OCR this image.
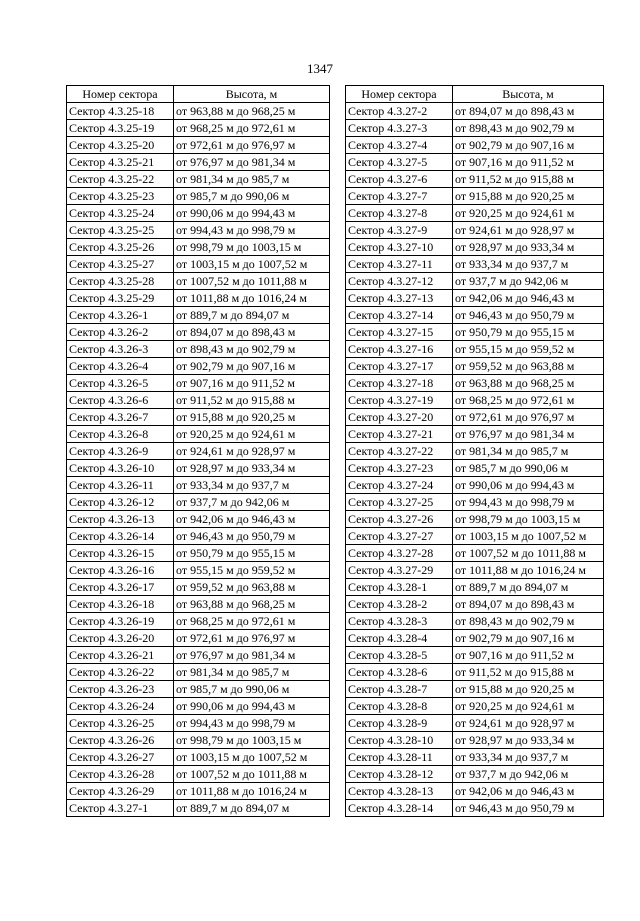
1347
Номер сектора	Высота, м
Сектор 4.3.25-18	от 963,88 м до 968,25 м
Сектор 4.3.25-19	от 968,25 м до 972,61 м
Сектор 4.3.25-20	от 972,61 м до 976,97 м
Сектор 4.3.25-21	от 976,97 м до 981,34 м
Сектор 4.3.25-22	от 981,34 м до 985,7 м
Сектор 4.3.25-23	от 985,7 м до 990,06 м
Сектор 4.3.25-24	от 990,06 м до 994,43 м
Сектор 4.3.25-25	от 994,43 м до 998,79 м
Сектор 4.3.25-26	от 998,79 м до 1003,15 м
Сектор 4.3.25-27	от 1003,15 м до 1007,52 м
Сектор 4.3.25-28	от 1007,52 м до 1011,88 м
Сектор 4.3.25-29	от 1011,88 м до 1016,24 м
Сектор 4.3.26-1	от 889,7 м до 894,07 м
Сектор 4.3.26-2	от 894,07 м до 898,43 м
Сектор 4.3.26-3	от 898,43 м до 902,79 м
Сектор 4.3.26-4	от 902,79 м до 907,16 м
Сектор 4.3.26-5	от 907,16 м до 911,52 м
Сектор 4.3.26-6	от 911,52 м до 915,88 м
Сектор 4.3.26-7	от 915,88 м до 920,25 м
Сектор 4.3.26-8	от 920,25 м до 924,61 м
Сектор 4.3.26-9	от 924,61 м до 928,97 м
Сектор 4.3.26-10	от 928,97 м до 933,34 м
Сектор 4.3.26-11	от 933,34 м до 937,7 м
Сектор 4.3.26-12	от 937,7 м до 942,06 м
Сектор 4.3.26-13	от 942,06 м до 946,43 м
Сектор 4.3.26-14	от 946,43 м до 950,79 м
Сектор 4.3.26-15	от 950,79 м до 955,15 м
Сектор 4.3.26-16	от 955,15 м до 959,52 м
Сектор 4.3.26-17	от 959,52 м до 963,88 м
Сектор 4.3.26-18	от 963,88 м до 968,25 м
Сектор 4.3.26-19	от 968,25 м до 972,61 м
Сектор 4.3.26-20	от 972,61 м до 976,97 м
Сектор 4.3.26-21	от 976,97 м до 981,34 м
Сектор 4.3.26-22	от 981,34 м до 985,7 м
Сектор 4.3.26-23	от 985,7 м до 990,06 м
Сектор 4.3.26-24	от 990,06 м до 994,43 м
Сектор 4.3.26-25	от 994,43 м до 998,79 м
Сектор 4.3.26-26	от 998,79 м до 1003,15 м
Сектор 4.3.26-27	от 1003,15 м до 1007,52 м
Сектор 4.3.26-28	от 1007,52 м до 1011,88 м
Сектор 4.3.26-29	от 1011,88 м до 1016,24 м
Сектор 4.3.27-1	от 889,7 м до 894,07 м
Номер сектора	Высота, м
Сектор 4.3.27-2	от 894,07 м до 898,43 м
Сектор 4.3.27-3	от 898,43 м до 902,79 м
Сектор 4.3.27-4	от 902,79 м до 907,16 м
Сектор 4.3.27-5	от 907,16 м до 911,52 м
Сектор 4.3.27-6	от 911,52 м до 915,88 м
Сектор 4.3.27-7	от 915,88 м до 920,25 м
Сектор 4.3.27-8	от 920,25 м до 924,61 м
Сектор 4.3.27-9	от 924,61 м до 928,97 м
Сектор 4.3.27-10	от 928,97 м до 933,34 м
Сектор 4.3.27-11	от 933,34 м до 937,7 м
Сектор 4.3.27-12	от 937,7 м до 942,06 м
Сектор 4.3.27-13	от 942,06 м до 946,43 м
Сектор 4.3.27-14	от 946,43 м до 950,79 м
Сектор 4.3.27-15	от 950,79 м до 955,15 м
Сектор 4.3.27-16	от 955,15 м до 959,52 м
Сектор 4.3.27-17	от 959,52 м до 963,88 м
Сектор 4.3.27-18	от 963,88 м до 968,25 м
Сектор 4.3.27-19	от 968,25 м до 972,61 м
Сектор 4.3.27-20	от 972,61 м до 976,97 м
Сектор 4.3.27-21	от 976,97 м до 981,34 м
Сектор 4.3.27-22	от 981,34 м до 985,7 м
Сектор 4.3.27-23	от 985,7 м до 990,06 м
Сектор 4.3.27-24	от 990,06 м до 994,43 м
Сектор 4.3.27-25	от 994,43 м до 998,79 м
Сектор 4.3.27-26	от 998,79 м до 1003,15 м
Сектор 4.3.27-27	от 1003,15 м до 1007,52 м
Сектор 4.3.27-28	от 1007,52 м до 1011,88 м
Сектор 4.3.27-29	от 1011,88 м до 1016,24 м
Сектор 4.3.28-1	от 889,7 м до 894,07 м
Сектор 4.3.28-2	от 894,07 м до 898,43 м
Сектор 4.3.28-3	от 898,43 м до 902,79 м
Сектор 4.3.28-4	от 902,79 м до 907,16 м
Сектор 4.3.28-5	от 907,16 м до 911,52 м
Сектор 4.3.28-6	от 911,52 м до 915,88 м
Сектор 4.3.28-7	от 915,88 м до 920,25 м
Сектор 4.3.28-8	от 920,25 м до 924,61 м
Сектор 4.3.28-9	от 924,61 м до 928,97 м
Сектор 4.3.28-10	от 928,97 м до 933,34 м
Сектор 4.3.28-11	от 933,34 м до 937,7 м
Сектор 4.3.28-12	от 937,7 м до 942,06 м
Сектор 4.3.28-13	от 942,06 м до 946,43 м
Сектор 4.3.28-14	от 946,43 м до 950,79 м
